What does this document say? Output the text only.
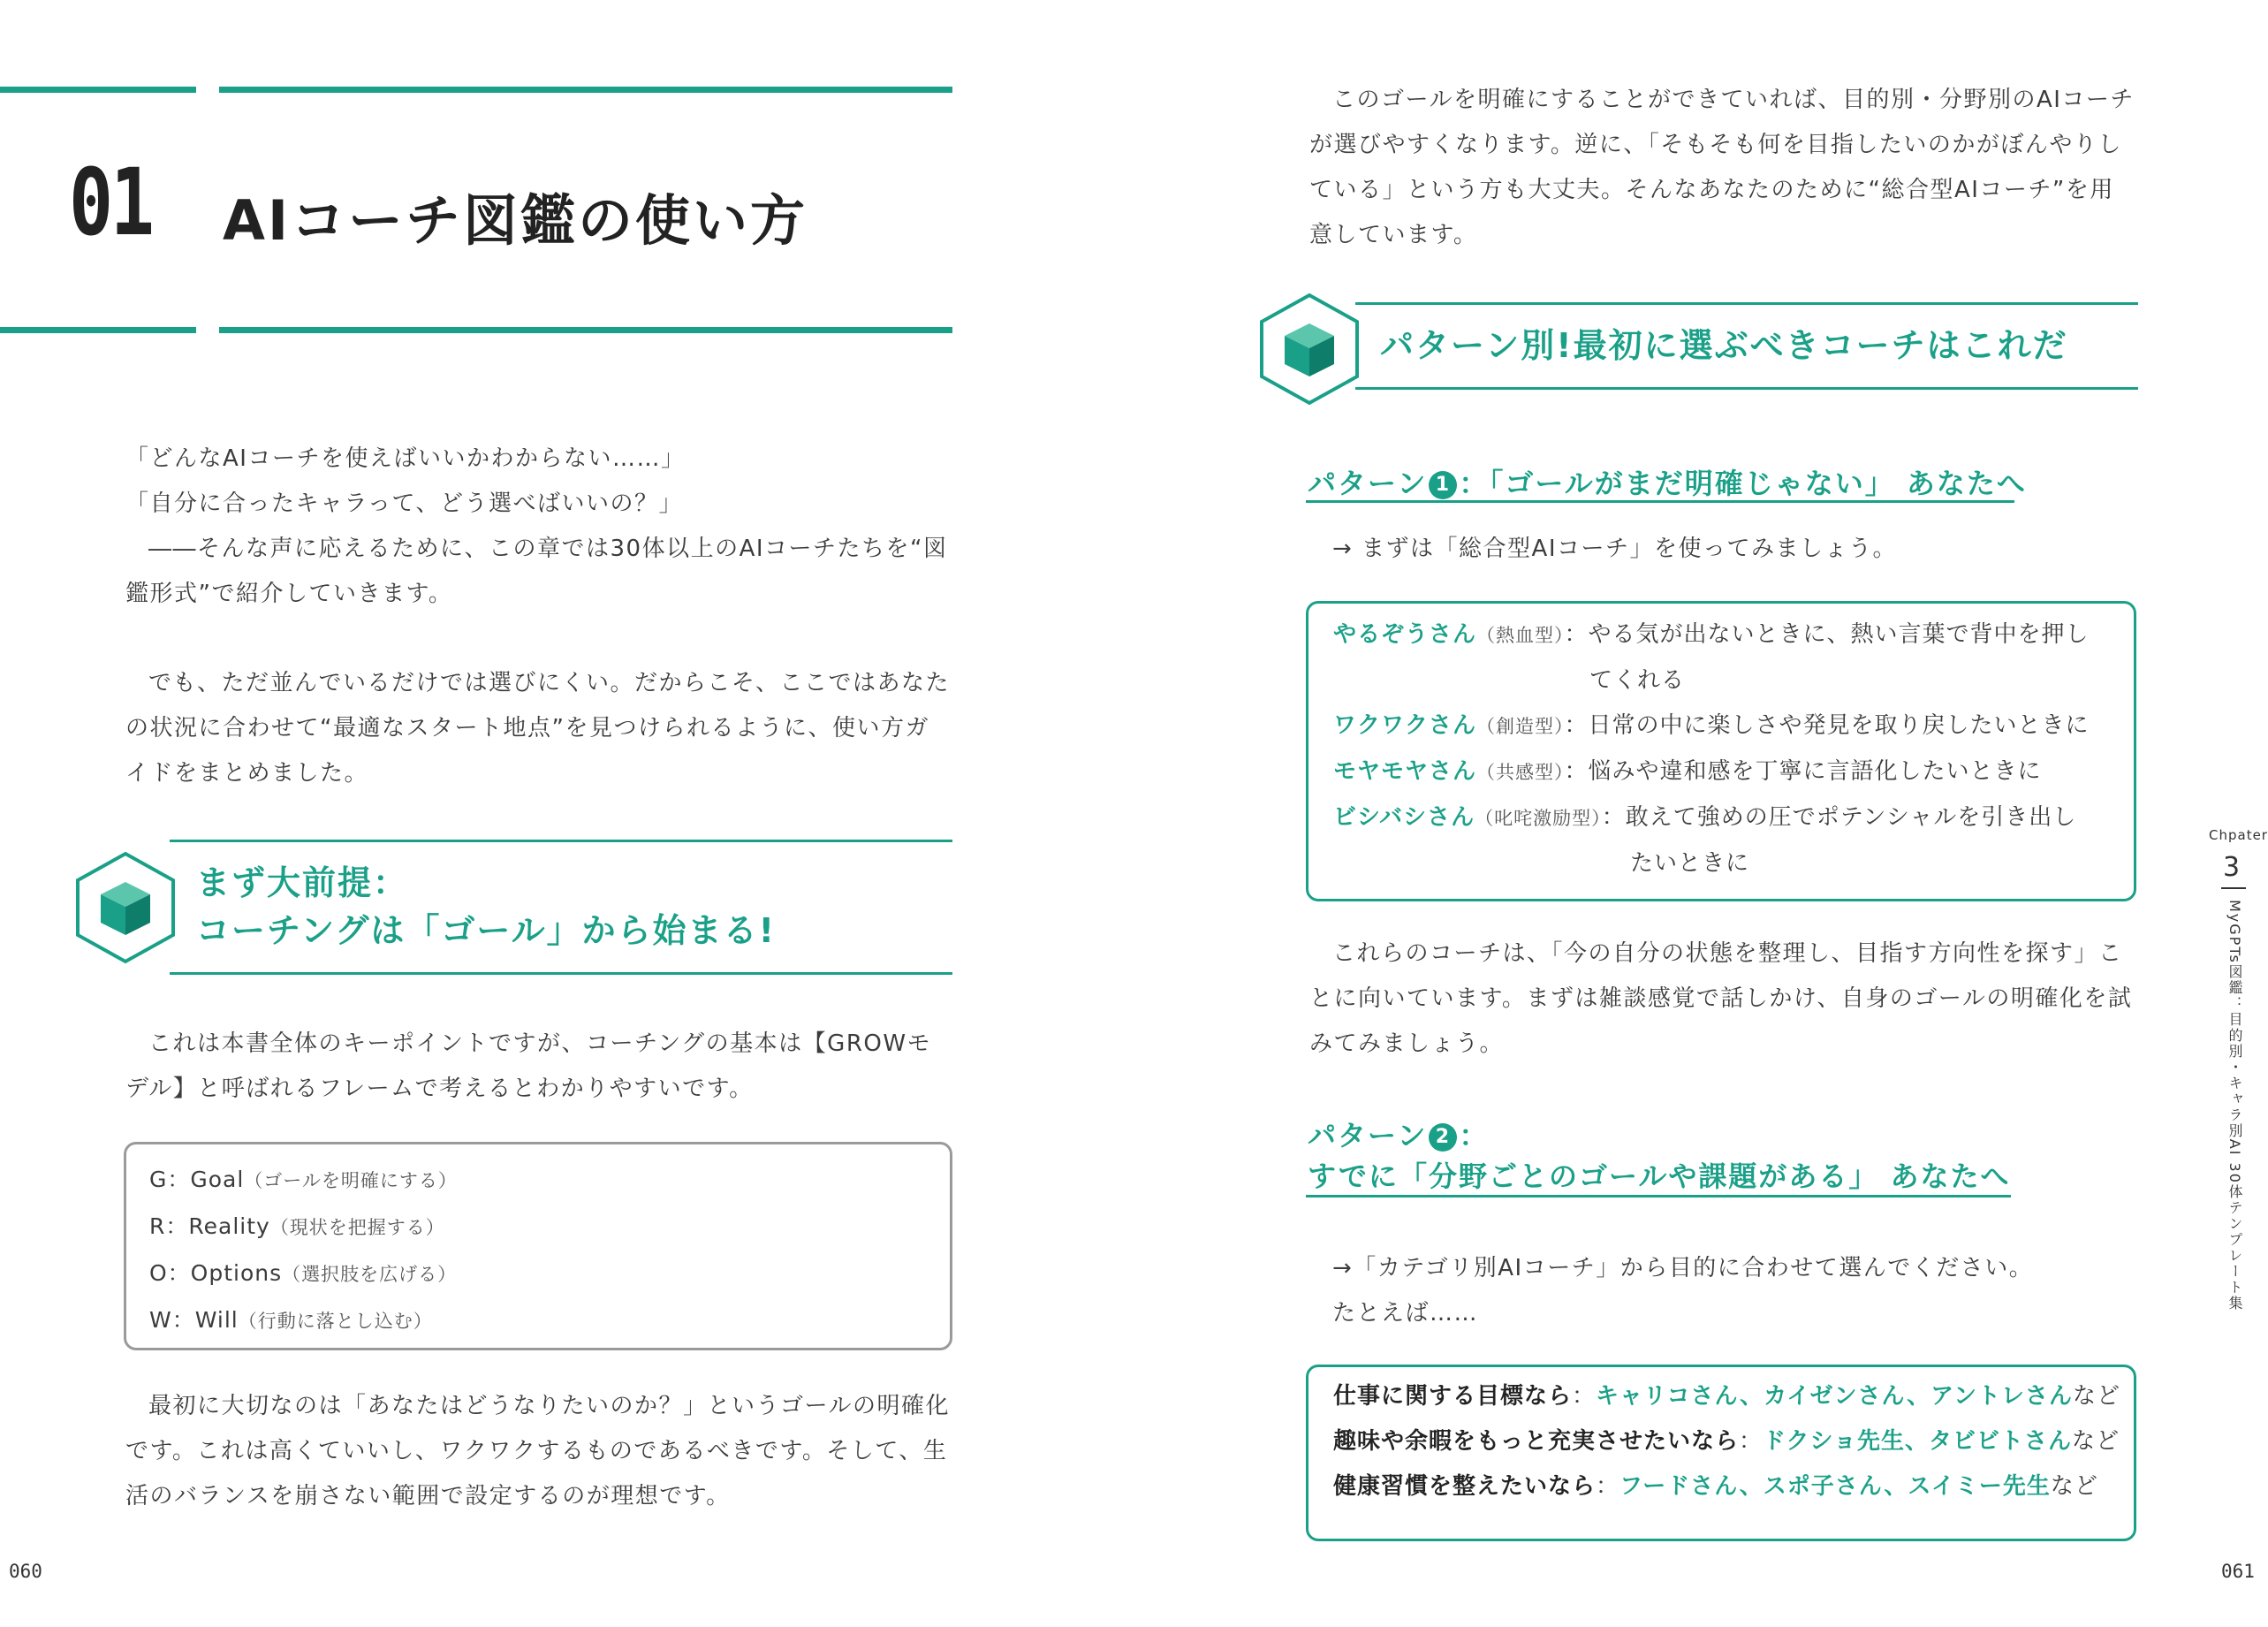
01 AIコーチ図鑑の使い方
「どんなAIコーチを使えばいいかわからない……」
「自分に合ったキャラって、どう選べばいいの？」
――そんな声に応えるために、この章では30体以上のAIコーチたちを“図
鑑形式”で紹介していきます。
でも、ただ並んでいるだけでは選びにくい。だからこそ、ここではあなた
の状況に合わせて“最適なスタート地点”を見つけられるように、使い方ガ
イドをまとめました。
まず大前提：
コーチングは「ゴール」から始まる!
これは本書全体のキーポイントですが、コーチングの基本は【GROWモ
デル】と呼ばれるフレームで考えるとわかりやすいです。
G：Goal（ゴールを明確にする）
R：Reality（現状を把握する）
O：Options（選択肢を広げる）
W：Will（行動に落とし込む）
最初に大切なのは「あなたはどうなりたいのか？」というゴールの明確化
です。これは高くていいし、ワクワクするものであるべきです。そして、生
活のバランスを崩さない範囲で設定するのが理想です。
060
このゴールを明確にすることができていれば、目的別・分野別のAIコーチ
が選びやすくなります。逆に、「そもそも何を目指したいのかがぼんやりし
ている」という方も大丈夫。そんなあなたのために“総合型AIコーチ”を用
意しています。
パターン別!最初に選ぶべきコーチはこれだ
パターン 1 ：「ゴールがまだ明確じゃない」 あなたへ
→ まずは「総合型AIコーチ」を使ってみましょう。
やるぞうさん（熱血型）：やる気が出ないときに、熱い言葉で背中を押し
てくれる
ワクワクさん（創造型）：日常の中に楽しさや発見を取り戻したいときに
モヤモヤさん（共感型）：悩みや違和感を丁寧に言語化したいときに
ビシバシさん（叱咤激励型）：敢えて強めの圧でポテンシャルを引き出し
たいときに
これらのコーチは、「今の自分の状態を整理し、目指す方向性を探す」こ
とに向いています。まずは雑談感覚で話しかけ、自身のゴールの明確化を試
みてみましょう。
パターン 2 ：
すでに「分野ごとのゴールや課題がある」 あなたへ
→「カテゴリ別AIコーチ」から目的に合わせて選んでください。
たとえば……
仕事に関する目標なら：キャリコさん、カイゼンさん、アントレさんなど
趣味や余暇をもっと充実させたいなら：ドクショ先生、タビビトさんなど
健康習慣を整えたいなら：フードさん、スポ子さん、スイミー先生など
061
Chpater
3
MyGPTs図鑑：目的別・キャラ別AI 30体テンプレート集
